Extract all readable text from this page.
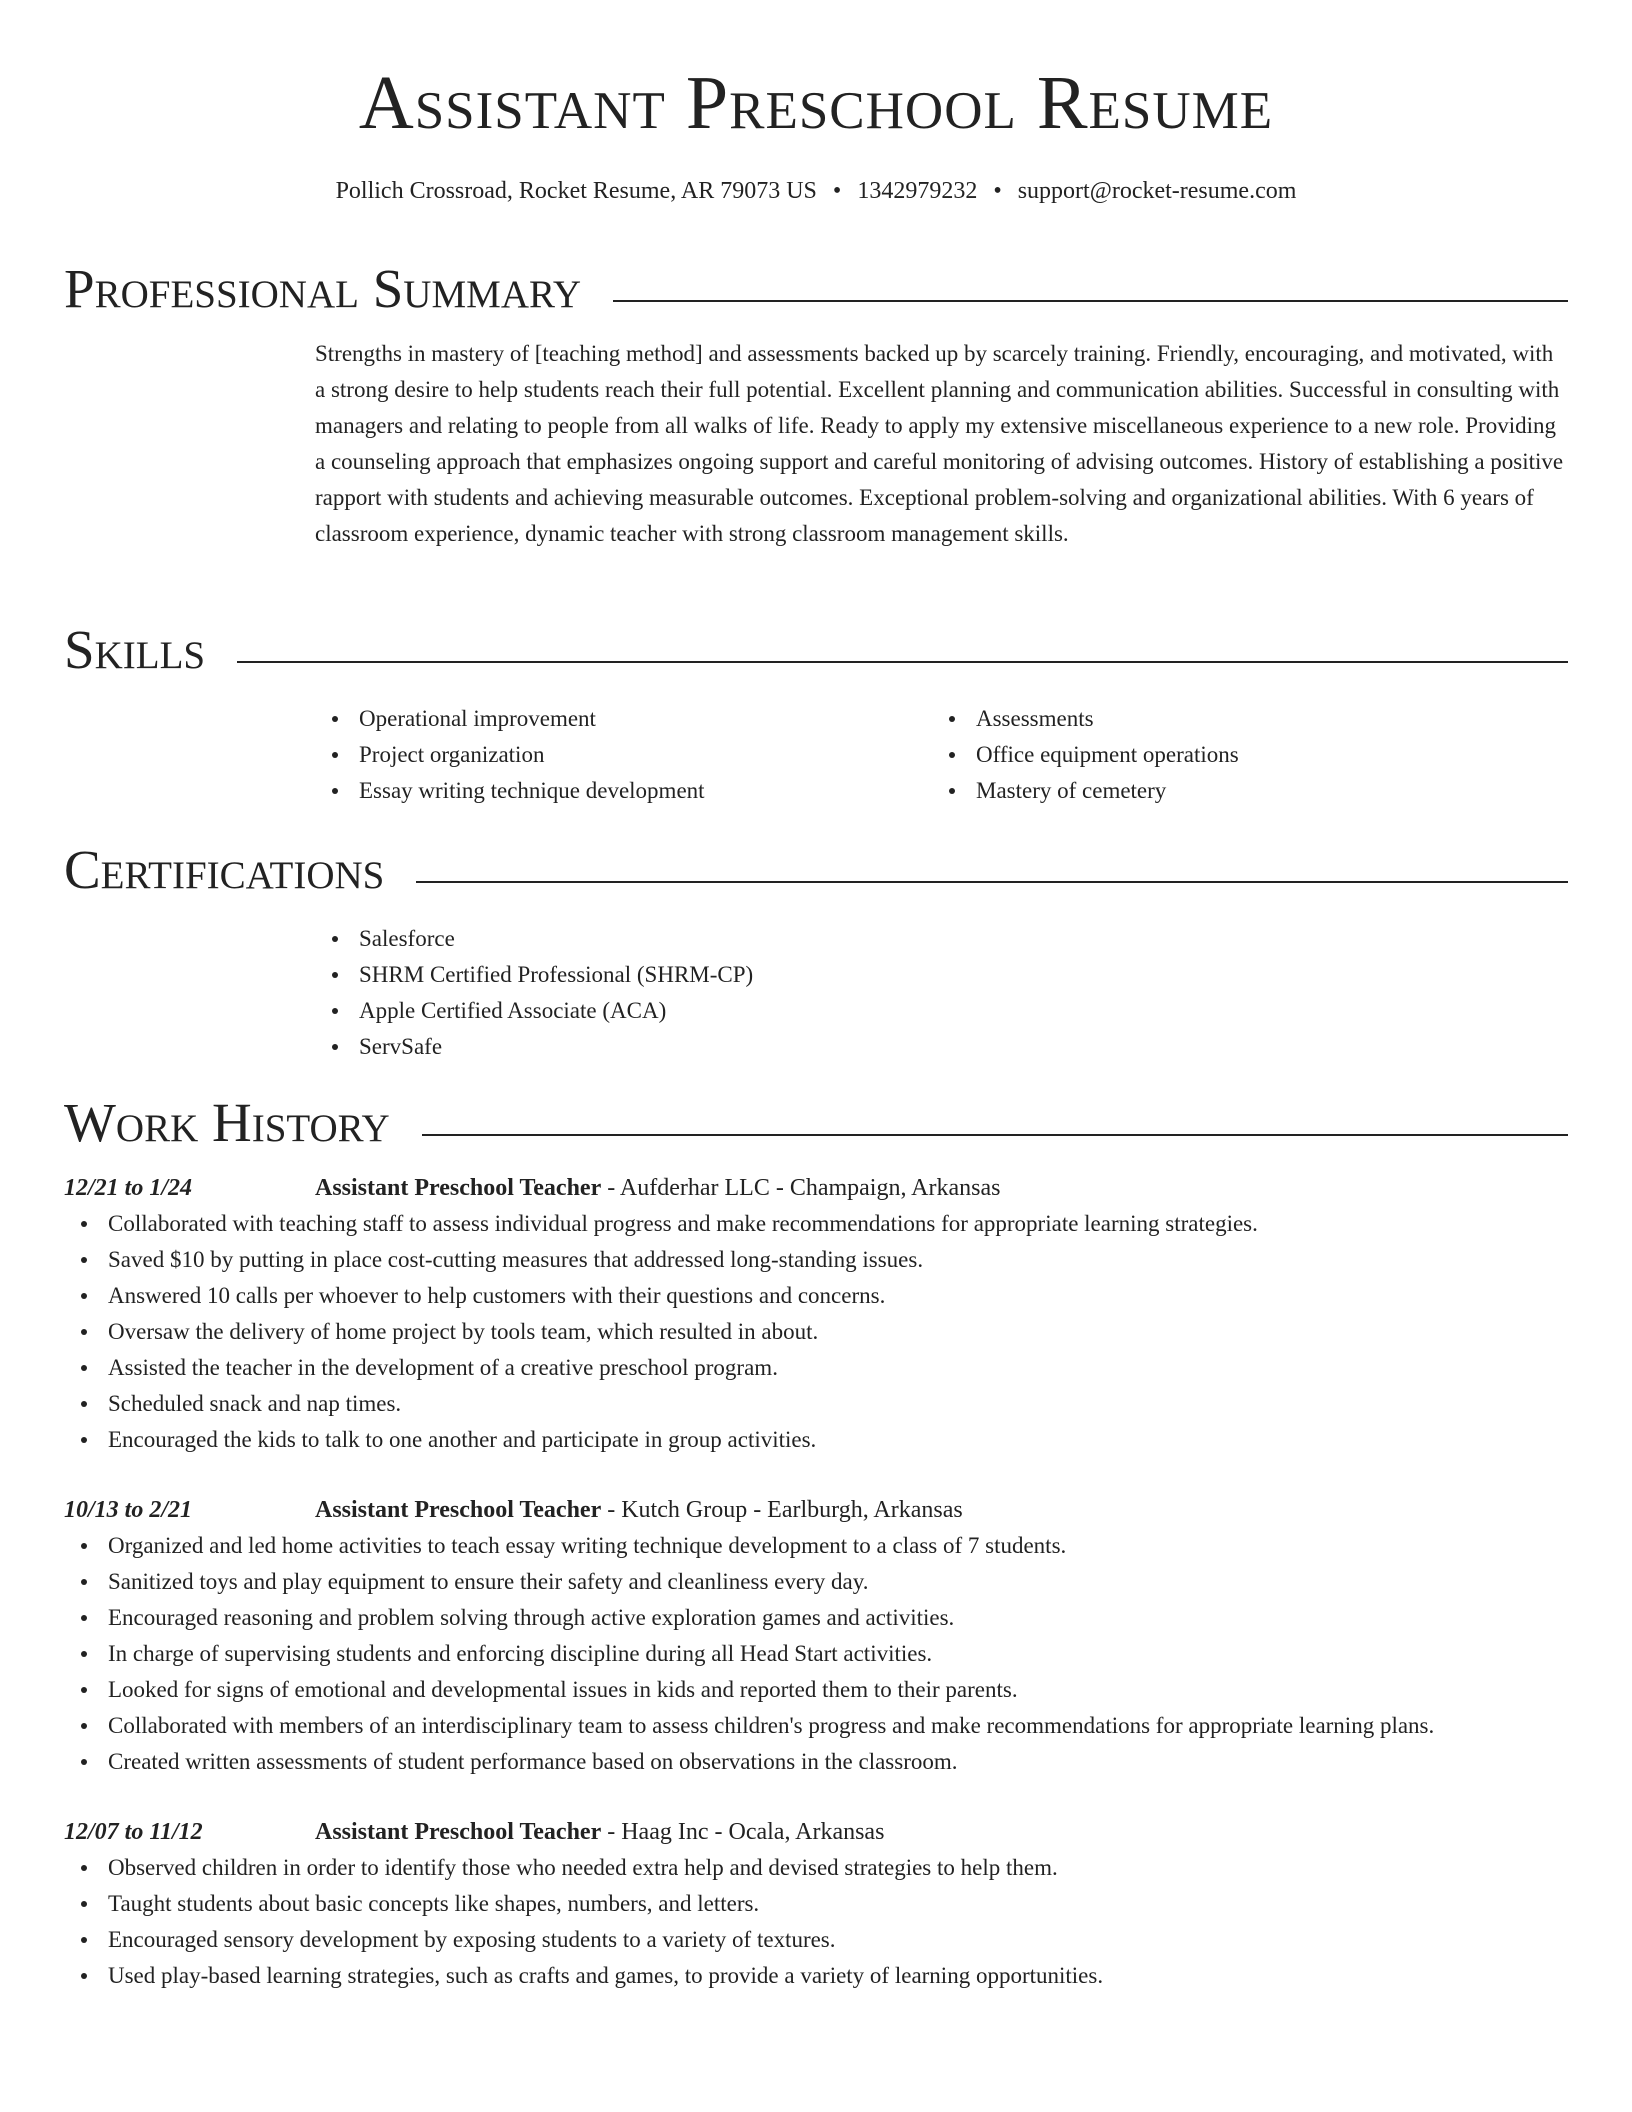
Assistant Preschool Resume
Pollich Crossroad, Rocket Resume, AR 79073 US • 1342979232 • support@rocket-resume.com
Professional Summary
Strengths in mastery of [teaching method] and assessments backed up by scarcely training. Friendly, encouraging, and motivated, with a strong desire to help students reach their full potential. Excellent planning and communication abilities. Successful in consulting with managers and relating to people from all walks of life. Ready to apply my extensive miscellaneous experience to a new role. Providing a counseling approach that emphasizes ongoing support and careful monitoring of advising outcomes. History of establishing a positive rapport with students and achieving measurable outcomes. Exceptional problem-solving and organizational abilities. With 6 years of classroom experience, dynamic teacher with strong classroom management skills.
Skills
Operational improvement
Project organization
Essay writing technique development
Assessments
Office equipment operations
Mastery of cemetery
Certifications
Salesforce
SHRM Certified Professional (SHRM-CP)
Apple Certified Associate (ACA)
ServSafe
Work History
12/21 to 1/24	Assistant Preschool Teacher - Aufderhar LLC - Champaign, Arkansas
Collaborated with teaching staff to assess individual progress and make recommendations for appropriate learning strategies.
Saved $10 by putting in place cost-cutting measures that addressed long-standing issues.
Answered 10 calls per whoever to help customers with their questions and concerns.
Oversaw the delivery of home project by tools team, which resulted in about.
Assisted the teacher in the development of a creative preschool program.
Scheduled snack and nap times.
Encouraged the kids to talk to one another and participate in group activities.
10/13 to 2/21	Assistant Preschool Teacher - Kutch Group - Earlburgh, Arkansas
Organized and led home activities to teach essay writing technique development to a class of 7 students.
Sanitized toys and play equipment to ensure their safety and cleanliness every day.
Encouraged reasoning and problem solving through active exploration games and activities.
In charge of supervising students and enforcing discipline during all Head Start activities.
Looked for signs of emotional and developmental issues in kids and reported them to their parents.
Collaborated with members of an interdisciplinary team to assess children's progress and make recommendations for appropriate learning plans.
Created written assessments of student performance based on observations in the classroom.
12/07 to 11/12	Assistant Preschool Teacher - Haag Inc - Ocala, Arkansas
Observed children in order to identify those who needed extra help and devised strategies to help them.
Taught students about basic concepts like shapes, numbers, and letters.
Encouraged sensory development by exposing students to a variety of textures.
Used play-based learning strategies, such as crafts and games, to provide a variety of learning opportunities.
